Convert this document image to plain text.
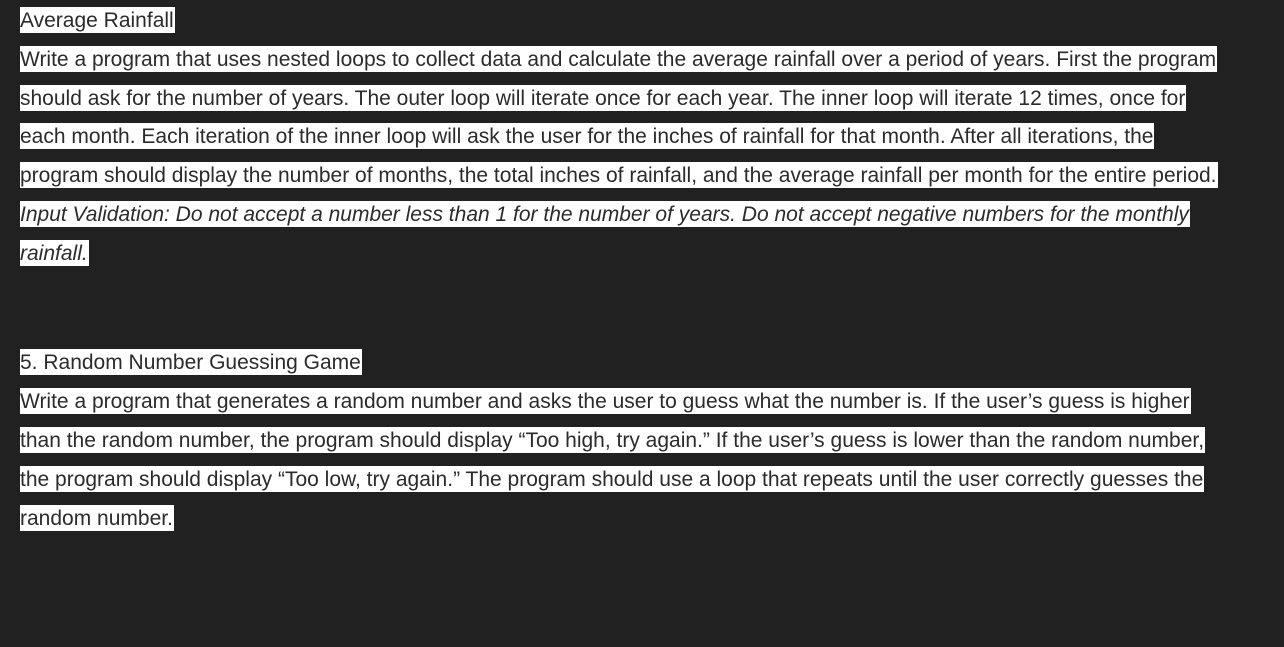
Average Rainfall
Write a program that uses nested loops to collect data and calculate the average rainfall over a period of years. First the program
should ask for the number of years. The outer loop will iterate once for each year. The inner loop will iterate 12 times, once for
each month. Each iteration of the inner loop will ask the user for the inches of rainfall for that month. After all iterations, the
program should display the number of months, the total inches of rainfall, and the average rainfall per month for the entire period.
Input Validation: Do not accept a number less than 1 for the number of years. Do not accept negative numbers for the monthly
rainfall.
5. Random Number Guessing Game
Write a program that generates a random number and asks the user to guess what the number is. If the user’s guess is higher
than the random number, the program should display “Too high, try again.” If the user’s guess is lower than the random number,
the program should display “Too low, try again.” The program should use a loop that repeats until the user correctly guesses the
random number.
